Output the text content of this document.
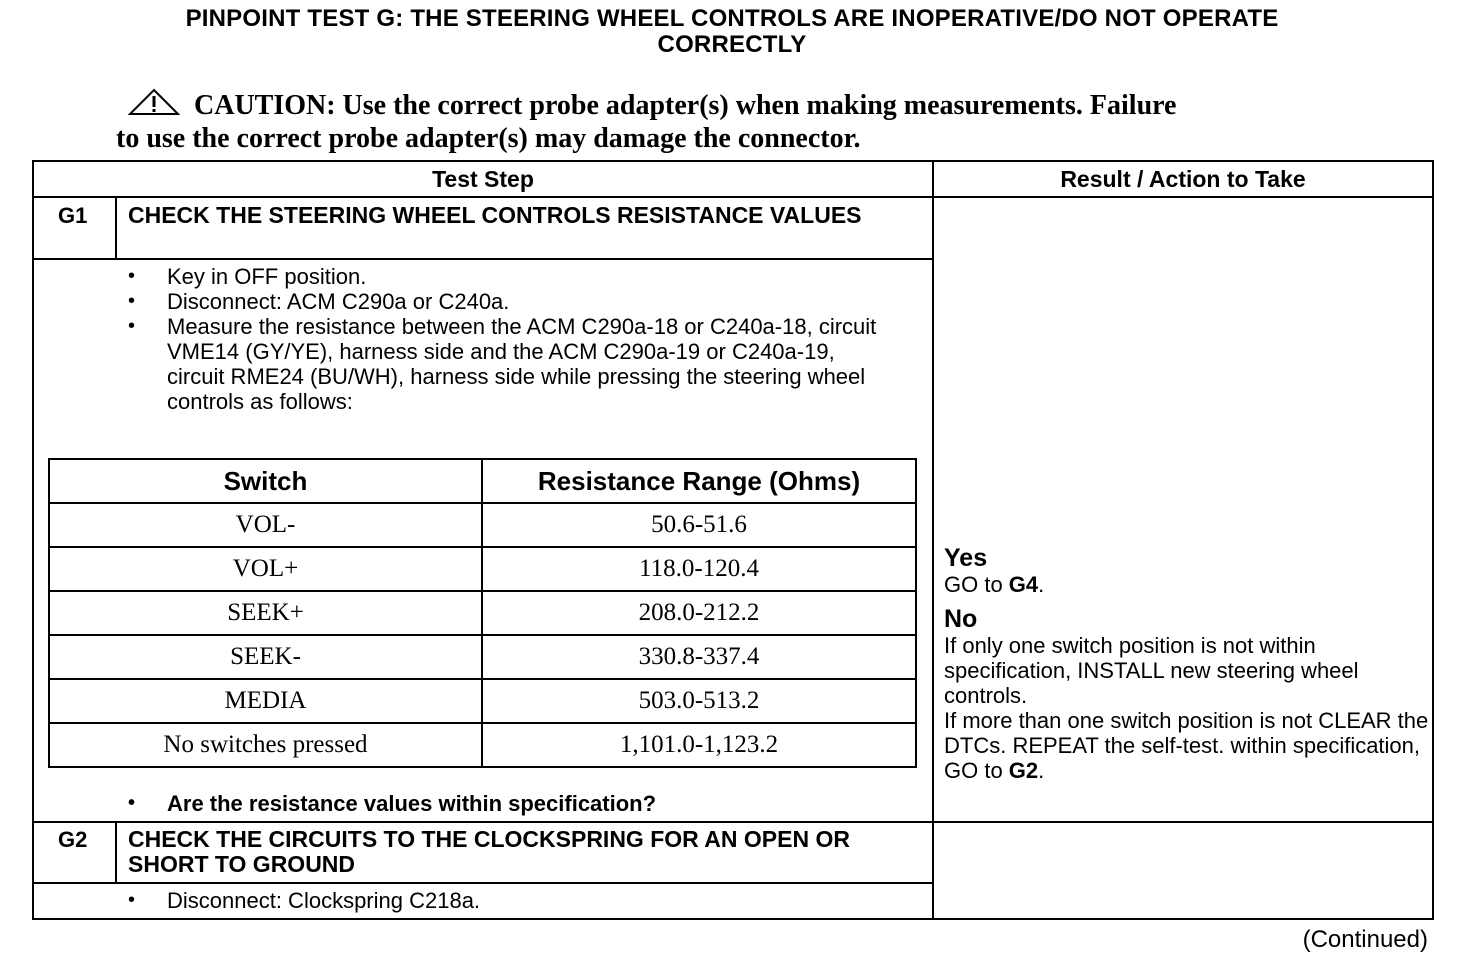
PINPOINT TEST G: THE STEERING WHEEL CONTROLS ARE INOPERATIVE/DO NOT OPERATE
CORRECTLY
CAUTION: Use the correct probe adapter(s) when making measurements. Failure
to use the correct probe adapter(s) may damage the connector.
Test Step	Result / Action to Take
G1 CHECK THE STEERING WHEEL CONTROLS RESISTANCE VALUES
• Key in OFF position.
• Disconnect: ACM C290a or C240a.
• Measure the resistance between the ACM C290a-18 or C240a-18, circuit VME14 (GY/YE), harness side and the ACM C290a-19 or C240a-19, circuit RME24 (BU/WH), harness side while pressing the steering wheel controls as follows:
Switch	Resistance Range (Ohms)
VOL-	50.6-51.6
VOL+	118.0-120.4
SEEK+	208.0-212.2
SEEK-	330.8-337.4
MEDIA	503.0-513.2
No switches pressed	1,101.0-1,123.2
• Are the resistance values within specification?
Yes
GO to G4.
No
If only one switch position is not within specification, INSTALL new steering wheel controls.
If more than one switch position is not CLEAR the DTCs. REPEAT the self-test. within specification, GO to G2.
G2 CHECK THE CIRCUITS TO THE CLOCKSPRING FOR AN OPEN OR SHORT TO GROUND
• Disconnect: Clockspring C218a.
(Continued)
